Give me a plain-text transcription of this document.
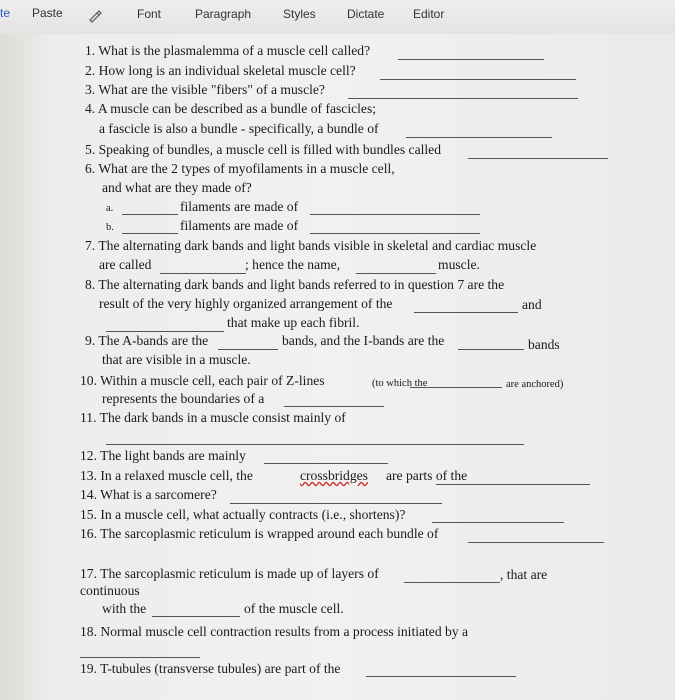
te Paste	Font	Paragraph	Styles	Dictate Editor
1. What is the plasmalemma of a muscle cell called?
2. How long is an individual skeletal muscle cell?
3. What are the visible "fibers" of a muscle?
4. A muscle can be described as a bundle of fascicles;
a fascicle is also a bundle - specifically, a bundle of
5. Speaking of bundles, a muscle cell is filled with bundles called
6. What are the 2 types of myofilaments in a muscle cell,
and what are they made of?
a.	filaments are made of
b.	filaments are made of
7. The alternating dark bands and light bands visible in skeletal and cardiac muscle
are called	; hence the name,	muscle.
8. The alternating dark bands and light bands referred to in question 7 are the
result of the very highly organized arrangement of the	and
that make up each fibril.
9. The A-bands are the	bands, and the I-bands are the	bands
that are visible in a muscle.
10. Within a muscle cell, each pair of Z-lines	(to which the	are anchored)
represents the boundaries of a
11. The dark bands in a muscle consist mainly of
12. The light bands are mainly
13. In a relaxed muscle cell, the	crossbridges are parts of the
14. What is a sarcomere?
15. In a muscle cell, what actually contracts (i.e., shortens)?
16. The sarcoplasmic reticulum is wrapped around each bundle of
17. The sarcoplasmic reticulum is made up of layers of	, that are
continuous
with the	of the muscle cell.
18. Normal muscle cell contraction results from a process initiated by a
19. T-tubules (transverse tubules) are part of the
